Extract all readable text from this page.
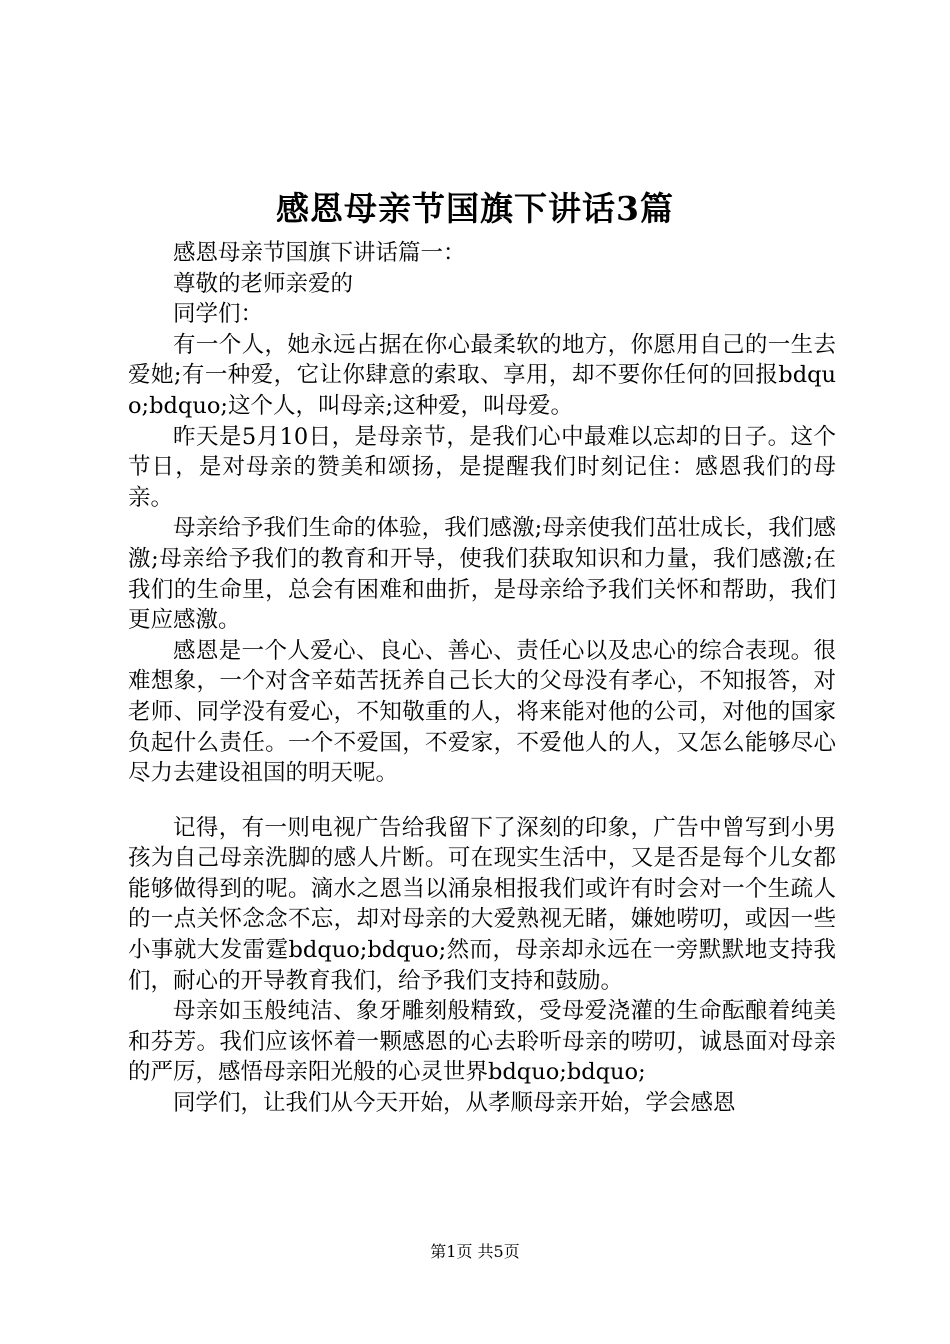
感恩母亲节国旗下讲话3篇

感恩母亲节国旗下讲话篇一：

尊敬的老师亲爱的

同学们：

有一个人，她永远占据在你心最柔软的地方，你愿用自己的一生去爱她;有一种爱，它让你肆意的索取、享用，却不要你任何的回报bdquo;bdquo;这个人，叫母亲;这种爱，叫母爱。

昨天是5月10日，是母亲节，是我们心中最难以忘却的日子。这个节日，是对母亲的赞美和颂扬，是提醒我们时刻记住：感恩我们的母亲。

母亲给予我们生命的体验，我们感激;母亲使我们茁壮成长，我们感激;母亲给予我们的教育和开导，使我们获取知识和力量，我们感激;在我们的生命里，总会有困难和曲折，是母亲给予我们关怀和帮助，我们更应感激。

感恩是一个人爱心、良心、善心、责任心以及忠心的综合表现。很难想象，一个对含辛茹苦抚养自己长大的父母没有孝心，不知报答，对老师、同学没有爱心，不知敬重的人，将来能对他的公司，对他的国家负起什么责任。一个不爱国，不爱家，不爱他人的人，又怎么能够尽心尽力去建设祖国的明天呢。

记得，有一则电视广告给我留下了深刻的印象，广告中曾写到小男孩为自己母亲洗脚的感人片断。可在现实生活中，又是否是每个儿女都能够做得到的呢。滴水之恩当以涌泉相报我们或许有时会对一个生疏人的一点关怀念念不忘，却对母亲的大爱熟视无睹，嫌她唠叨，或因一些小事就大发雷霆bdquo;bdquo;然而，母亲却永远在一旁默默地支持我们，耐心的开导教育我们，给予我们支持和鼓励。

母亲如玉般纯洁、象牙雕刻般精致，受母爱浇灌的生命酝酿着纯美和芬芳。我们应该怀着一颗感恩的心去聆听母亲的唠叨，诚恳面对母亲的严厉，感悟母亲阳光般的心灵世界bdquo;bdquo;

同学们，让我们从今天开始，从孝顺母亲开始，学会感恩

第1页 共5页
